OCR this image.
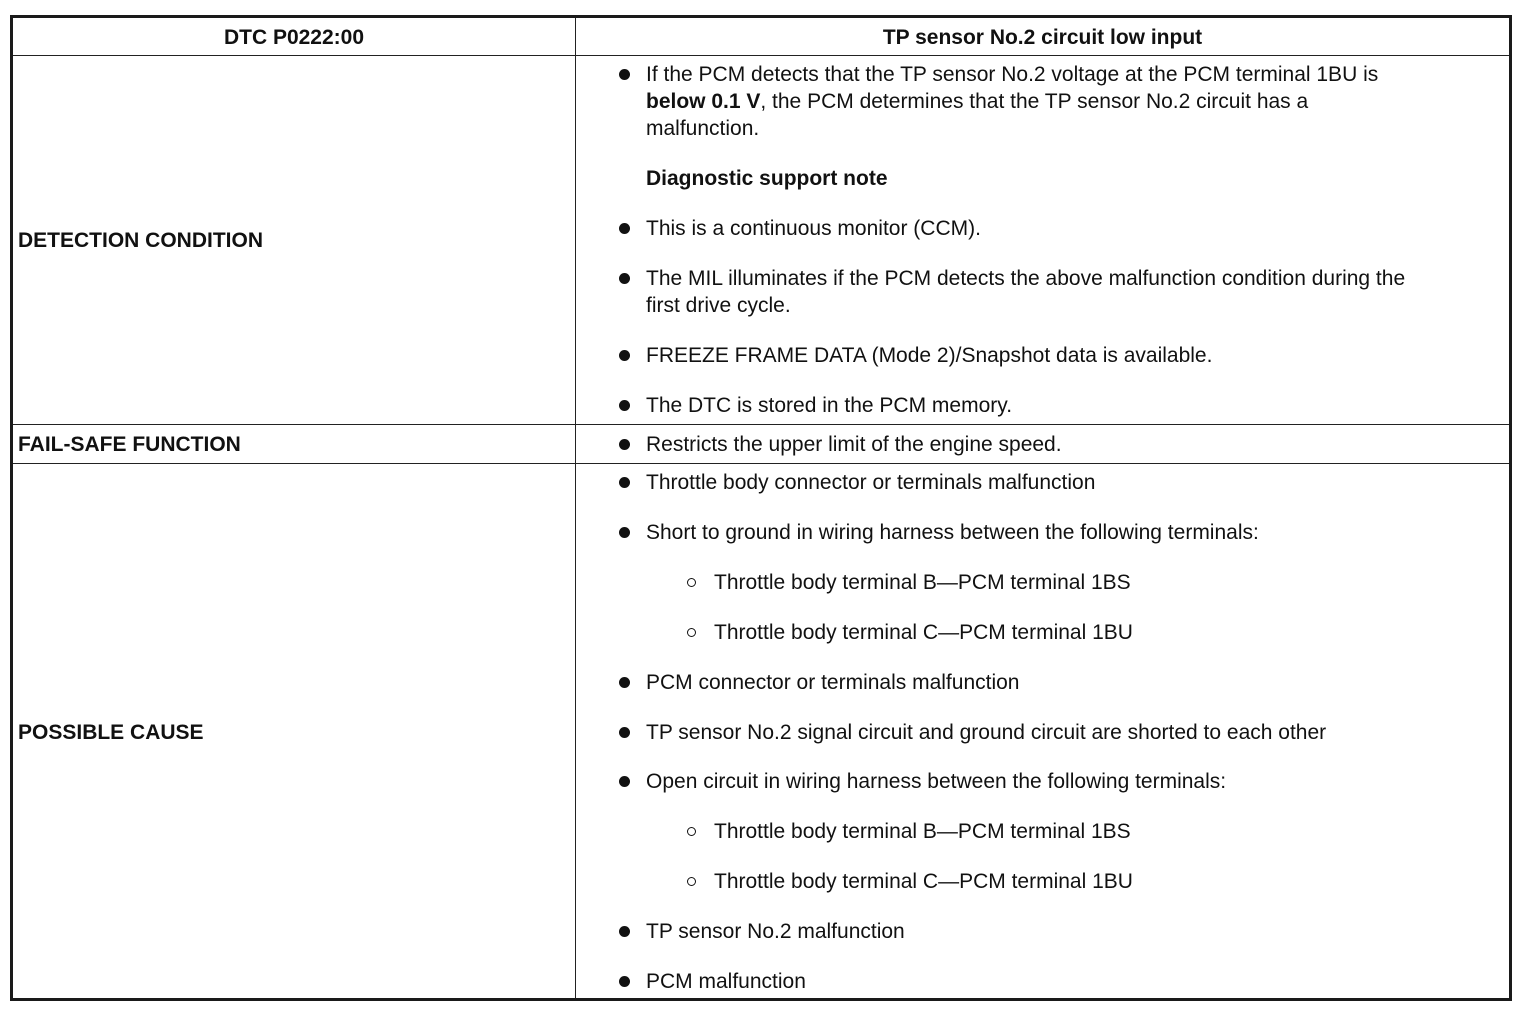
DTC P0222:00	TP sensor No.2 circuit low input
DETECTION CONDITION
FAIL-SAFE FUNCTION
POSSIBLE CAUSE
If the PCM detects that the TP sensor No.2 voltage at the PCM terminal 1BU is
below 0.1 V, the PCM determines that the TP sensor No.2 circuit has a
malfunction.
Diagnostic support note
This is a continuous monitor (CCM).
The MIL illuminates if the PCM detects the above malfunction condition during the
first drive cycle.
FREEZE FRAME DATA (Mode 2)/Snapshot data is available.
The DTC is stored in the PCM memory.
Restricts the upper limit of the engine speed.
Throttle body connector or terminals malfunction
Short to ground in wiring harness between the following terminals:
Throttle body terminal B—PCM terminal 1BS
Throttle body terminal C—PCM terminal 1BU
PCM connector or terminals malfunction
TP sensor No.2 signal circuit and ground circuit are shorted to each other
Open circuit in wiring harness between the following terminals:
Throttle body terminal B—PCM terminal 1BS
Throttle body terminal C—PCM terminal 1BU
TP sensor No.2 malfunction
PCM malfunction
